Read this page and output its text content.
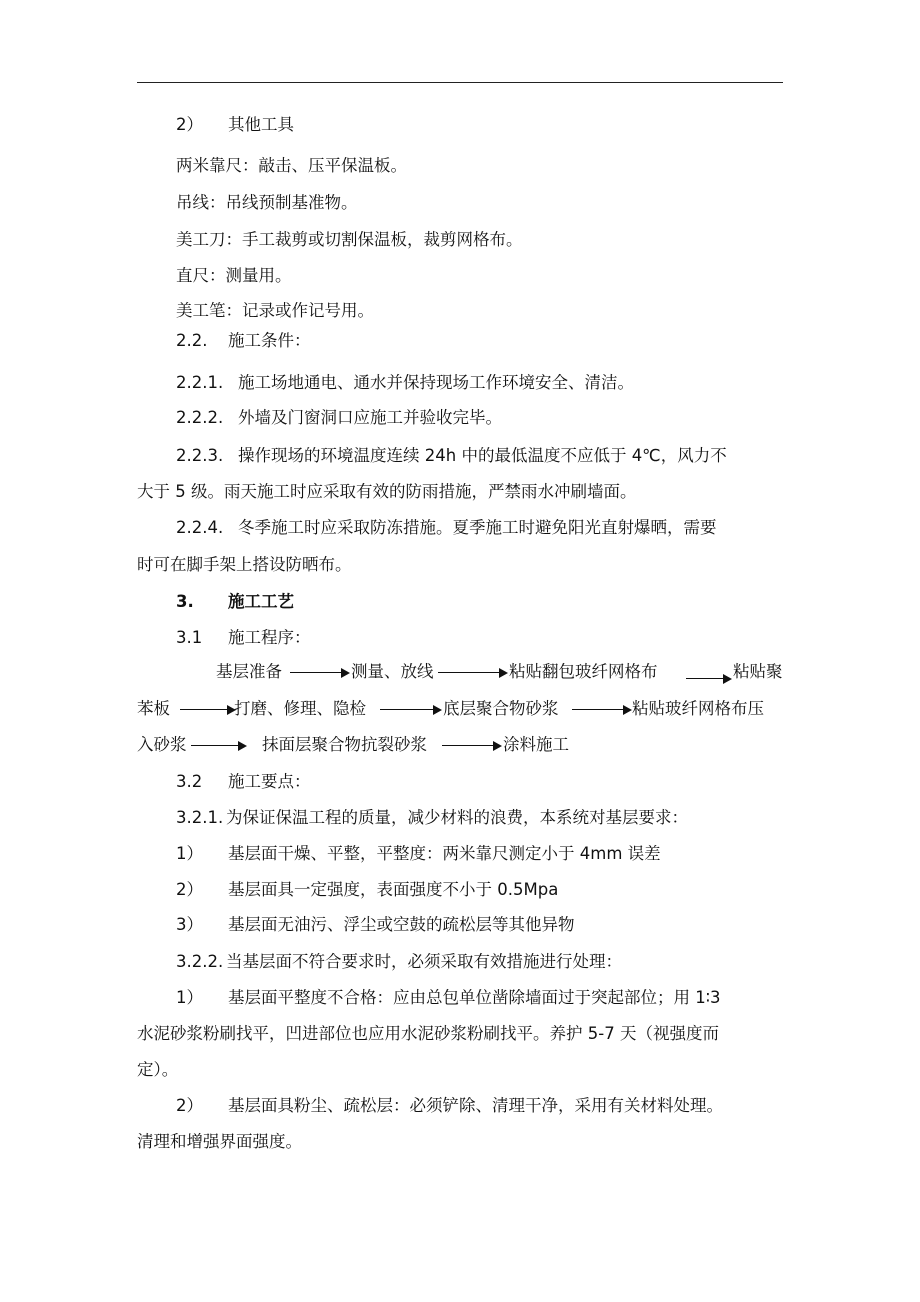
2） 其他工具
两米靠尺：敲击、压平保温板。
吊线：吊线预制基准物。
美工刀：手工裁剪或切割保温板，裁剪网格布。
直尺：测量用。
美工笔：记录或作记号用。
2.2. 施工条件：
2.2.1. 施工场地通电、通水并保持现场工作环境安全、清洁。
2.2.2. 外墙及门窗洞口应施工并验收完毕。
2.2.3. 操作现场的环境温度连续 24h 中的最低温度不应低于 4℃，风力不
大于 5 级。雨天施工时应采取有效的防雨措施，严禁雨水冲刷墙面。
2.2.4. 冬季施工时应采取防冻措施。夏季施工时避免阳光直射爆晒，需要
时可在脚手架上搭设防晒布。
3. 施工工艺
3.1 施工程序：
基层准备	测量、放线	粘贴翻包玻纤网格布	粘贴聚
苯板	打磨、修理、隐检	底层聚合物砂浆	粘贴玻纤网格布压
入砂浆	抹面层聚合物抗裂砂浆	涂料施工
3.2 施工要点：
3.2.1. 为保证保温工程的质量，减少材料的浪费，本系统对基层要求：
1） 基层面干燥、平整，平整度：两米靠尺测定小于 4mm 误差
2） 基层面具一定强度，表面强度不小于 0.5Mpa
3） 基层面无油污、浮尘或空鼓的疏松层等其他异物
3.2.2. 当基层面不符合要求时，必须采取有效措施进行处理：
1） 基层面平整度不合格：应由总包单位凿除墙面过于突起部位；用 1∶3
水泥砂浆粉刷找平，凹进部位也应用水泥砂浆粉刷找平。养护 5-7 天（视强度而
定）。
2） 基层面具粉尘、疏松层：必须铲除、清理干净，采用有关材料处理。
清理和增强界面强度。
